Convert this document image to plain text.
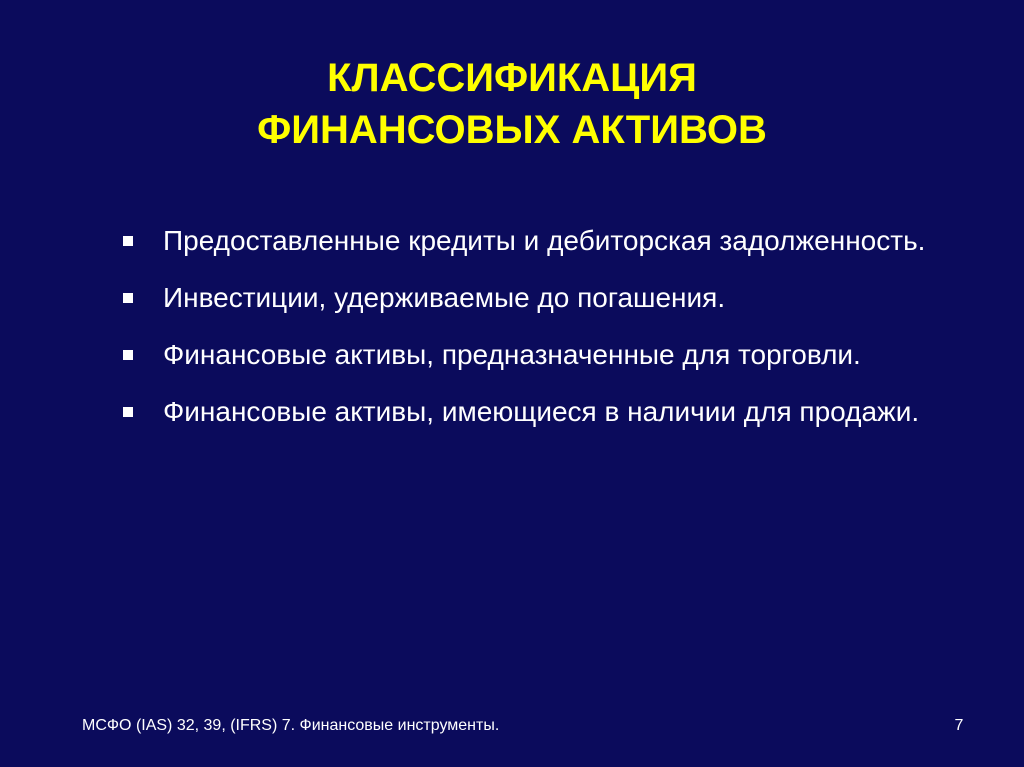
КЛАССИФИКАЦИЯ
ФИНАНСОВЫХ АКТИВОВ
Предоставленные кредиты и дебиторская задолженность.
Инвестиции, удерживаемые до погашения.
Финансовые активы, предназначенные для торговли.
Финансовые активы, имеющиеся в наличии для продажи.
МСФО (IAS) 32, 39, (IFRS) 7. Финансовые инструменты.	7
